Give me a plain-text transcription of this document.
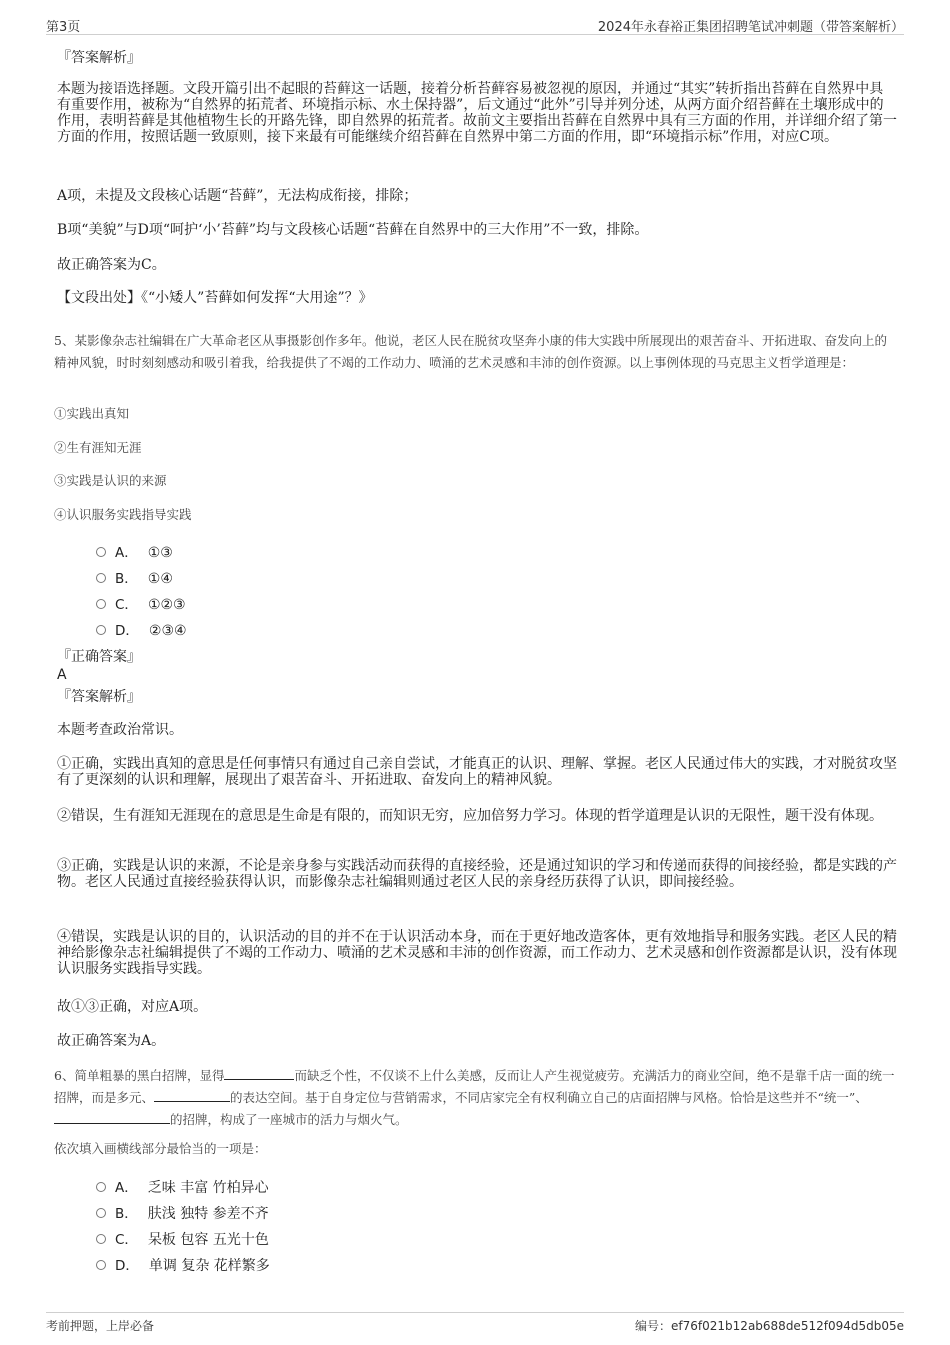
第3页	2024年永春裕正集团招聘笔试冲刺题（带答案解析）
『答案解析』
本题为接语选择题。文段开篇引出不起眼的苔藓这一话题，接着分析苔藓容易被忽视的原因，并通过“其实”转折指出苔藓在自然界中具有重要作用，被称为“自然界的拓荒者、环境指示标、水土保持器”，后文通过“此外”引导并列分述，从两方面介绍苔藓在土壤形成中的作用，表明苔藓是其他植物生长的开路先锋，即自然界的拓荒者。故前文主要指出苔藓在自然界中具有三方面的作用，并详细介绍了第一方面的作用，按照话题一致原则，接下来最有可能继续介绍苔藓在自然界中第二方面的作用，即“环境指示标”作用，对应C项。
A项，未提及文段核心话题“苔藓”，无法构成衔接，排除；
B项“美貌”与D项“呵护‘小’苔藓”均与文段核心话题“苔藓在自然界中的三大作用”不一致，排除。
故正确答案为C。
【文段出处】《“小矮人”苔藓如何发挥“大用途”？》
5、某影像杂志社编辑在广大革命老区从事摄影创作多年。他说，老区人民在脱贫攻坚奔小康的伟大实践中所展现出的艰苦奋斗、开拓进取、奋发向上的精神风貌，时时刻刻感动和吸引着我，给我提供了不竭的工作动力、喷涌的艺术灵感和丰沛的创作资源。以上事例体现的马克思主义哲学道理是：
①实践出真知
②生有涯知无涯
③实践是认识的来源
④认识服务实践指导实践
A． ①③
B． ①④
C． ①②③
D． ②③④
『正确答案』
A
『答案解析』
本题考查政治常识。
①正确，实践出真知的意思是任何事情只有通过自己亲自尝试，才能真正的认识、理解、掌握。老区人民通过伟大的实践，才对脱贫攻坚有了更深刻的认识和理解，展现出了艰苦奋斗、开拓进取、奋发向上的精神风貌。
②错误，生有涯知无涯现在的意思是生命是有限的，而知识无穷，应加倍努力学习。体现的哲学道理是认识的无限性，题干没有体现。
③正确，实践是认识的来源，不论是亲身参与实践活动而获得的直接经验，还是通过知识的学习和传递而获得的间接经验，都是实践的产物。老区人民通过直接经验获得认识，而影像杂志社编辑则通过老区人民的亲身经历获得了认识，即间接经验。
④错误，实践是认识的目的，认识活动的目的并不在于认识活动本身，而在于更好地改造客体，更有效地指导和服务实践。老区人民的精神给影像杂志社编辑提供了不竭的工作动力、喷涌的艺术灵感和丰沛的创作资源，而工作动力、艺术灵感和创作资源都是认识，没有体现认识服务实践指导实践。
故①③正确，对应A项。
故正确答案为A。
6、简单粗暴的黑白招牌，显得	而缺乏个性，不仅谈不上什么美感，反而让人产生视觉疲劳。充满活力的商业空间，绝不是靠千店一面的统一招牌，而是多元、	的表达空间。基于自身定位与营销需求，不同店家完全有权利确立自己的店面招牌与风格。恰恰是这些并不“统一”、的招牌，构成了一座城市的活力与烟火气。
依次填入画横线部分最恰当的一项是：
A． 乏味 丰富 竹柏异心
B． 肤浅 独特 参差不齐
C． 呆板 包容 五光十色
D． 单调 复杂 花样繁多
考前押题，上岸必备	编号：ef76f021b12ab688de512f094d5db05e
